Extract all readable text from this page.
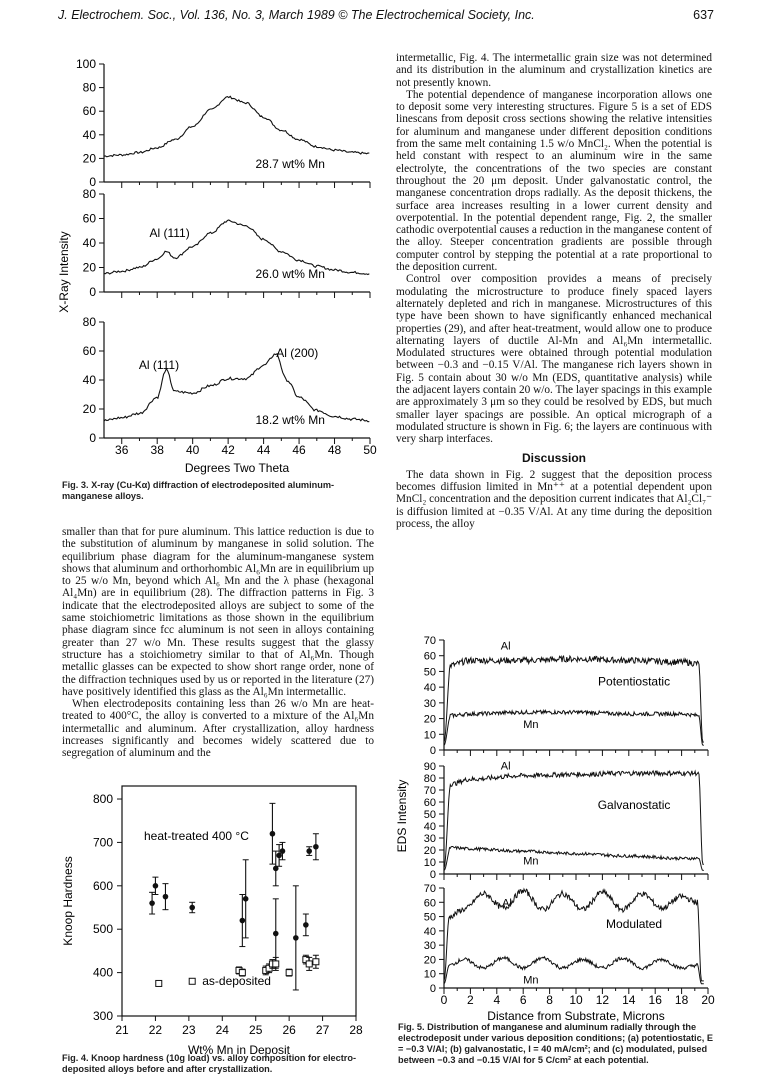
J. Electrochem. Soc., Vol. 136, No. 3, March 1989 © The Electrochemical Society, Inc.	637
0
20
40
60
80
100
28.7 wt% Mn
0
20
40
60
80
26.0 wt% Mn
0
20
40
60
80
18.2 wt% Mn
Al (111)
Al (111)
Al (200)
36 38 40 42 44 46 48 50
Degrees Two Theta
X-Ray Intensity
Fig. 3. X-ray (Cu-Kα) diffraction of electrodeposited aluminum-manganese alloys.

smaller than that for pure aluminum. This lattice reduction is due to the substitution of aluminum by manganese in solid solution. The equilibrium phase diagram for the aluminum-manganese system shows that aluminum and orthorhombic Al₆Mn are in equilibrium up to 25 w/o Mn, beyond which Al₆ Mn and the λ phase (hexagonal Al₄Mn) are in equilibrium (28). The diffraction patterns in Fig. 3 indicate that the electrodeposited alloys are subject to some of the same stoichiometric limitations as those shown in the equilibrium phase diagram since fcc aluminum is not seen in alloys containing greater than 27 w/o Mn. These results suggest that the glassy structure has a stoichiometry similar to that of Al₆Mn. Though metallic glasses can be expected to show short range order, none of the diffraction techniques used by us or reported in the literature (27) have positively identified this glass as the Al₆Mn intermetallic.

When electrodeposits containing less than 26 w/o Mn are heat-treated to 400°C, the alloy is converted to a mixture of the Al₆Mn intermetallic and aluminum. After crystallization, alloy hardness increases significantly and becomes widely scattered due to segregation of aluminum and the

300
400
500
600
700
800
21 22 23 24 25 26 27 28
heat-treated 400 °C
as-deposited
Wt% Mn in Deposit
Knoop Hardness
Fig. 4. Knoop hardness (10g load) vs. alloy composition for electro-deposited alloys before and after crystallization.

intermetallic, Fig. 4. The intermetallic grain size was not determined and its distribution in the aluminum and crystallization kinetics are not presently known.

The potential dependence of manganese incorporation allows one to deposit some very interesting structures. Figure 5 is a set of EDS linescans from deposit cross sections showing the relative intensities for aluminum and manganese under different deposition conditions from the same melt containing 1.5 w/o MnCl₂. When the potential is held constant with respect to an aluminum wire in the same electrolyte, the concentrations of the two species are constant throughout the 20 μm deposit. Under galvanostatic control, the manganese concentration drops radially. As the deposit thickens, the surface area increases resulting in a lower current density and overpotential. In the potential dependent range, Fig. 2, the smaller cathodic overpotential causes a reduction in the manganese content of the alloy. Steeper concentration gradients are possible through computer control by stepping the potential at a rate proportional to the deposition current.

Control over composition provides a means of precisely modulating the microstructure to produce finely spaced layers alternately depleted and rich in manganese. Microstructures of this type have been shown to have significantly enhanced mechanical properties (29), and after heat-treatment, would allow one to produce alternating layers of ductile Al-Mn and Al₆Mn intermetallic. Modulated structures were obtained through potential modulation between −0.3 and −0.15 V/Al. The manganese rich layers shown in Fig. 5 contain about 30 w/o Mn (EDS, quantitative analysis) while the adjacent layers contain 20 w/o. The layer spacings in this example are approximately 3 μm so they could be resolved by EDS, but much smaller layer spacings are possible. An optical micrograph of a modulated structure is shown in Fig. 6; the layers are continuous with very sharp interfaces.

Discussion

The data shown in Fig. 2 suggest that the deposition process becomes diffusion limited in Mn⁺⁺ at a potential dependent upon MnCl₂ concentration and the deposition current indicates that Al₂Cl₇⁻ is diffusion limited at −0.35 V/Al. At any time during the deposition process, the alloy

0
10
20
30
40
50
60
70	Al
Mn
Potentiostatic
0
10
20
30
40
50
60
70
80
90	Al
Mn
Galvanostatic
0
10
20
30
40
50
60
70
Al
Mn
Modulated
0 2 4 6 8 10 12 14 16 18 20
Distance from Substrate, Microns
EDS Intensity
Fig. 5. Distribution of manganese and aluminum radially through the electrodeposit under various deposition conditions; (a) potentiostatic, E = −0.3 V/Al; (b) galvanostatic, I = 40 mA/cm²; and (c) modulated, pulsed between −0.3 and −0.15 V/Al for 5 C/cm² at each potential.
